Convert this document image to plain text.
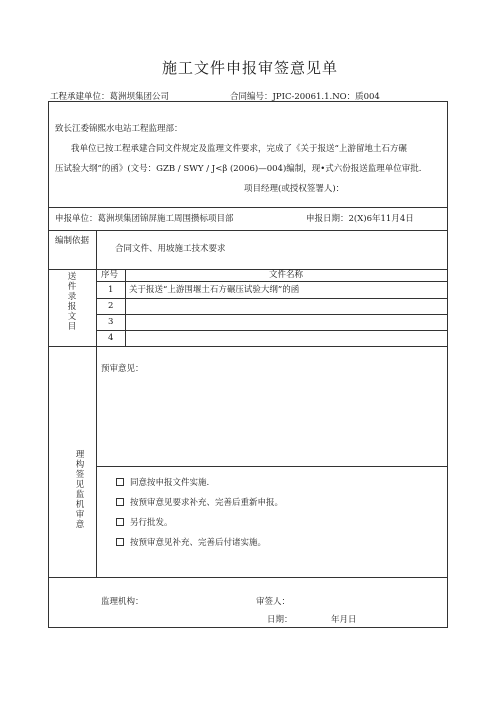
施工文件申报审签意见单
工程承建单位：葛洲坝集团公司	合同编号：JPIC-20061.1.NO：质004
致长江委锦熙水电站工程监理部：
我单位已按工程承建合同文件规定及监理文件要求，完成了《关于报送“上游留地土石方碾
压试验大纲”的函》(文号：GZB / SWY / J<β (2006)—004)编制，现•式六份报送监理单位审批.
项目经理(或授权签署人)：
申报单位：葛洲坝集团锦屏施工周围攒标项目部	申报日期：2(X)6年11月4日
编制依据
合同文件、用坡施工技术要求
送件录报文目
序号	文件名称
1 关于报送“上游围堰土石方碾压试验大纲”的函
2
3
4
理构签见监机审意
预审意见：
同意按申报文件实施.
按预审意见要求补充、完善后重新申报。
另行批发。
按预审意见补充、完善后付诸实施。
监理机构：	审签人：
日期：	年月日
